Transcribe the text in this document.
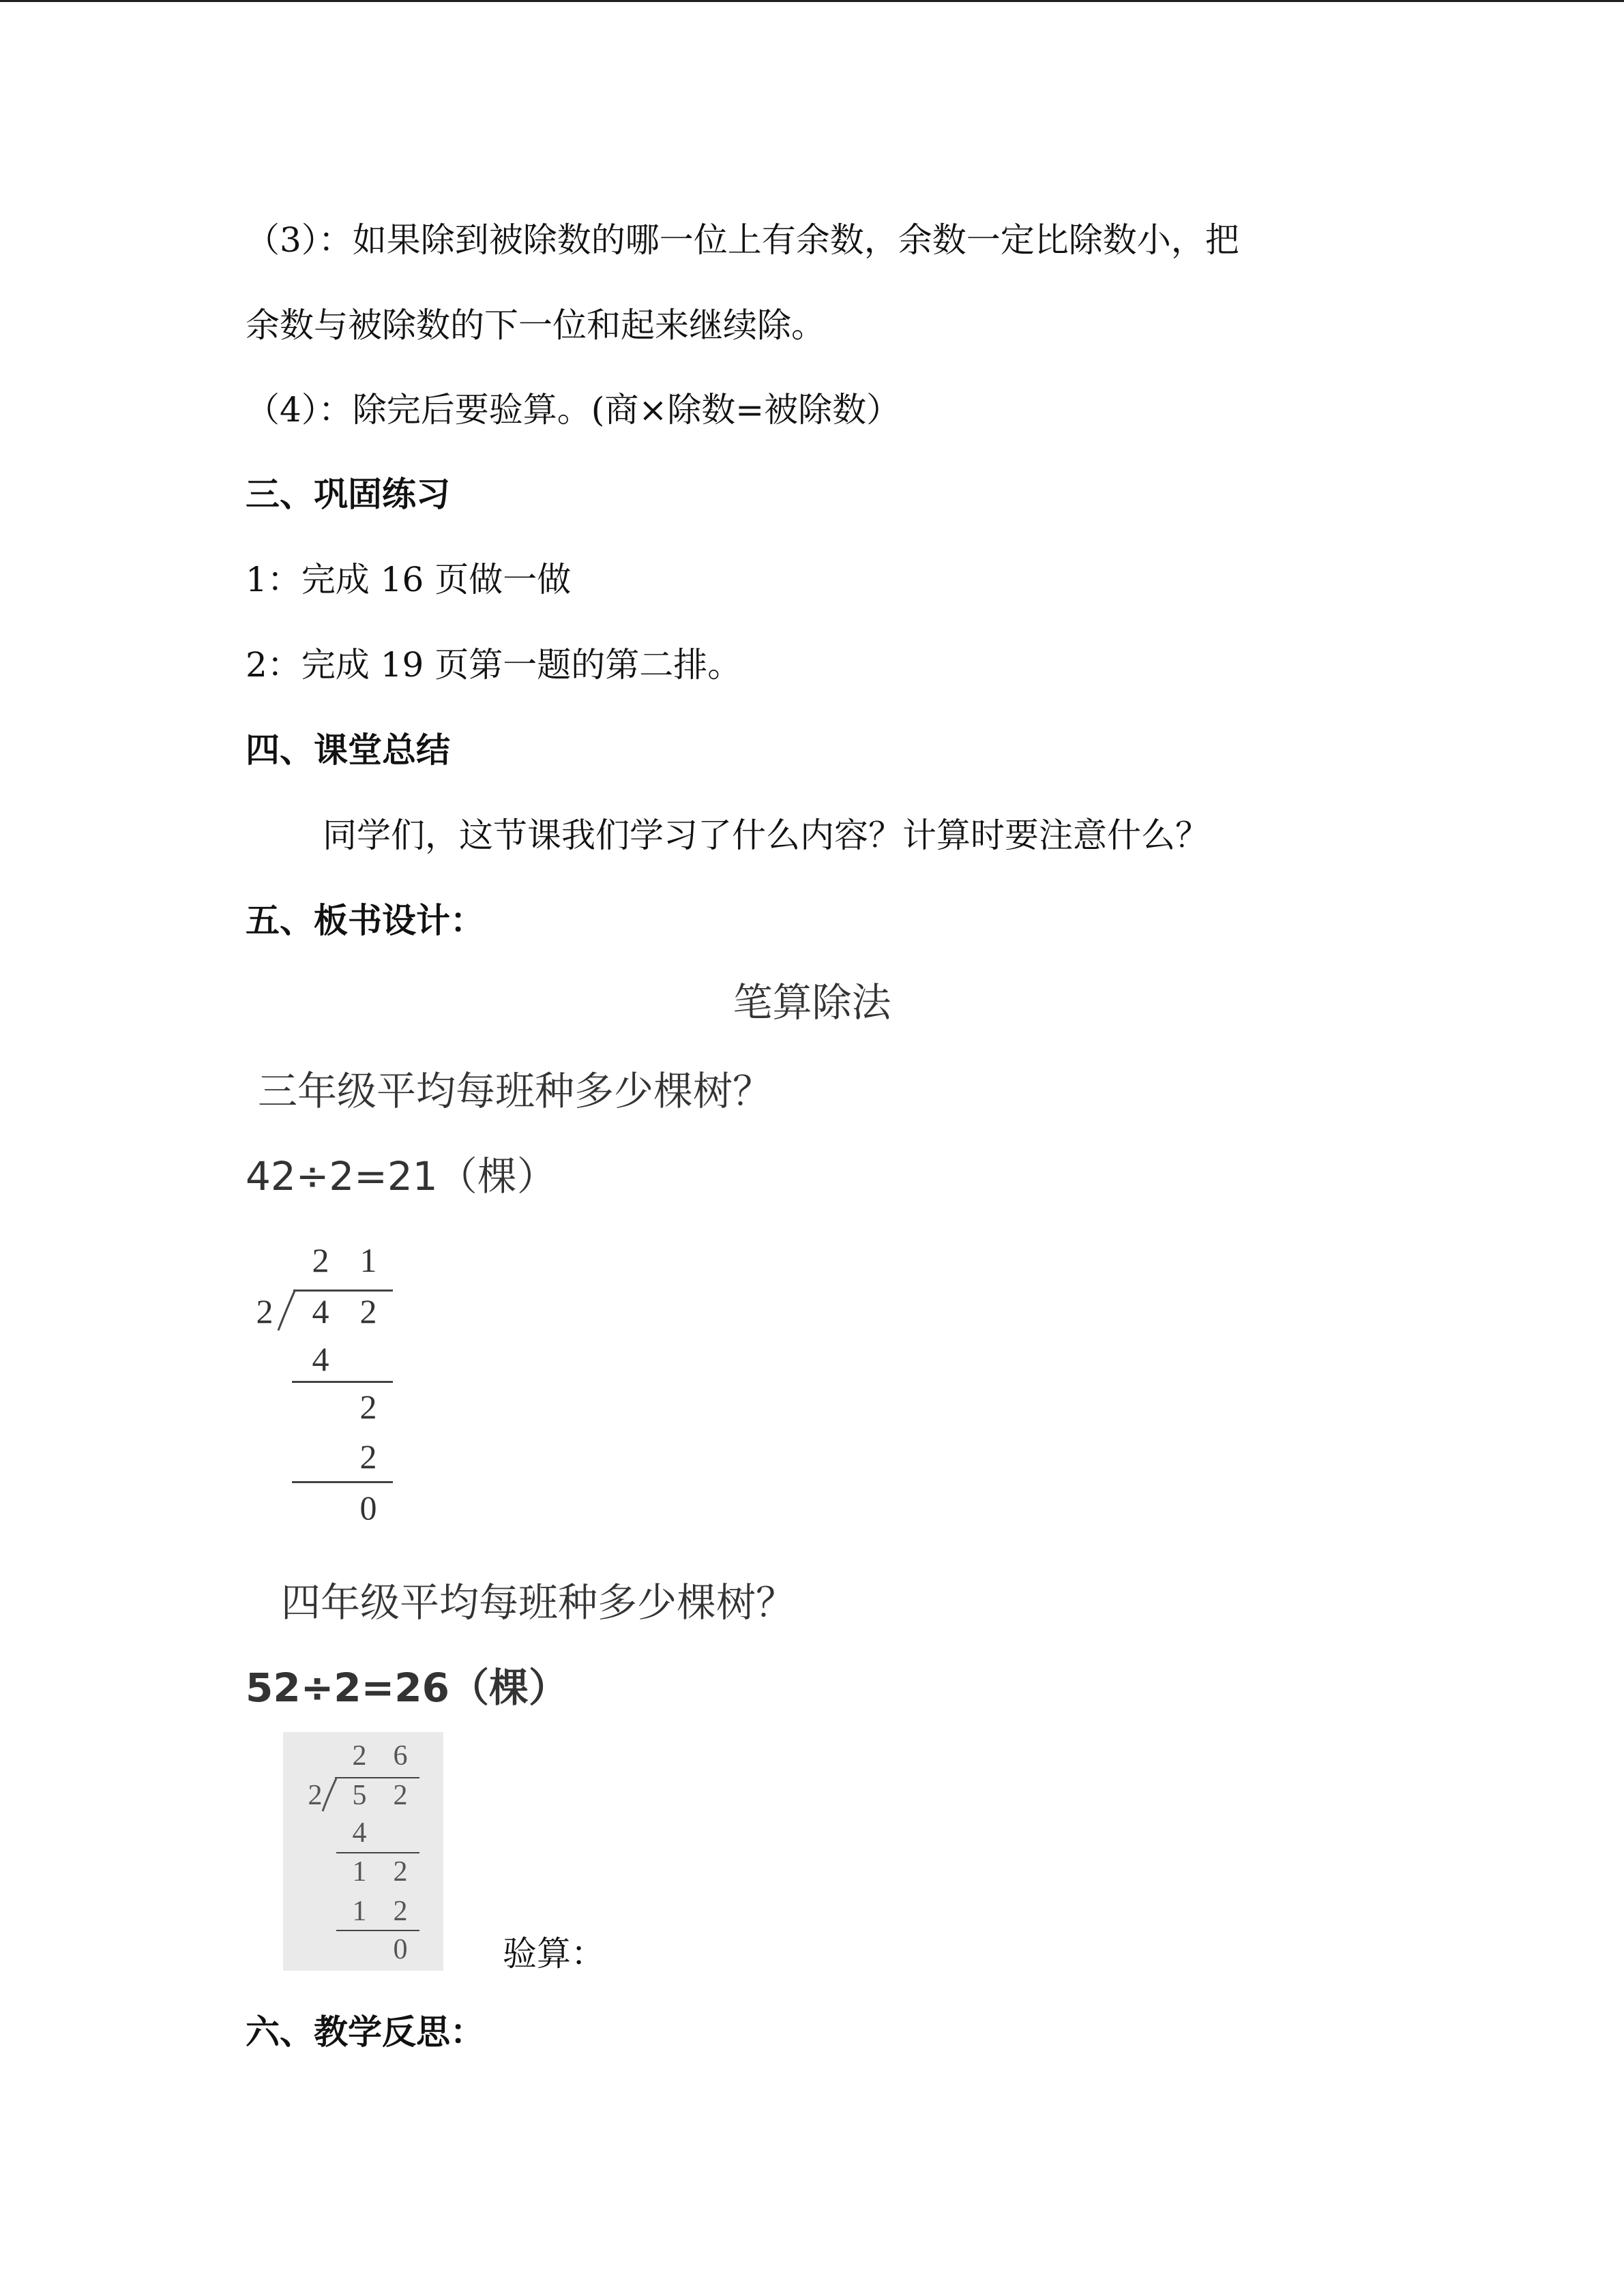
（3）：如果除到被除数的哪一位上有余数，余数一定比除数小，把
余数与被除数的下一位和起来继续除。
（4）：除完后要验算。(商×除数=被除数）
三、巩固练习
1：完成 16 页做一做
2：完成 19 页第一题的第二排。
四、课堂总结
同学们，这节课我们学习了什么内容？计算时要注意什么？
五、板书设计：
笔算除法
三年级平均每班种多少棵树？
42÷2=21（棵）
2 1
2 4 2
4
2
2
0
四年级平均每班种多少棵树？
52÷2=26（棵）
2 6
2 5 2
4
1 2
1 2
0	验算：
六、教学反思：
